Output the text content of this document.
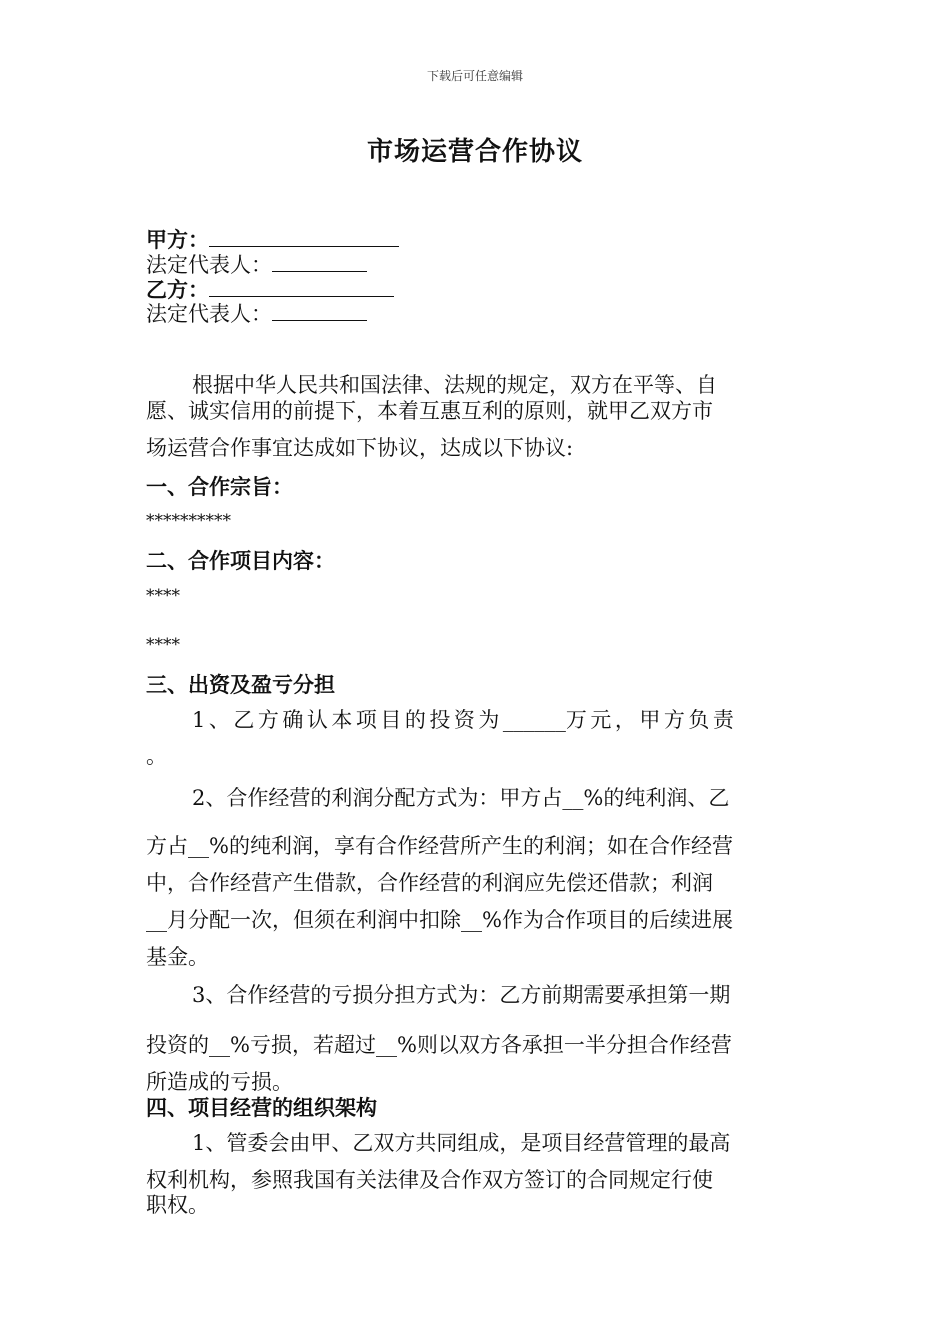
下载后可任意编辑
市场运营合作协议
甲方：
法定代表人：
乙方：
法定代表人：
根据中华人民共和国法律、法规的规定，双方在平等、自
愿、诚实信用的前提下，本着互惠互利的原则，就甲乙双方市
场运营合作事宜达成如下协议，达成以下协议:
一、合作宗旨：
**********
二、合作项目内容：
****
****
三、出资及盈亏分担
1、乙方确认本项目的投资为______万元，甲方负责
。
2、合作经营的利润分配方式为：甲方占__%的纯利润、乙
方占__%的纯利润，享有合作经营所产生的利润；如在合作经营
中，合作经营产生借款，合作经营的利润应先偿还借款；利润
__月分配一次，但须在利润中扣除__%作为合作项目的后续进展
基金。
3、合作经营的亏损分担方式为：乙方前期需要承担第一期
投资的__%亏损，若超过__%则以双方各承担一半分担合作经营
所造成的亏损。
四、项目经营的组织架构
1、管委会由甲、乙双方共同组成，是项目经营管理的最高
权利机构，参照我国有关法律及合作双方签订的合同规定行使
职权。
